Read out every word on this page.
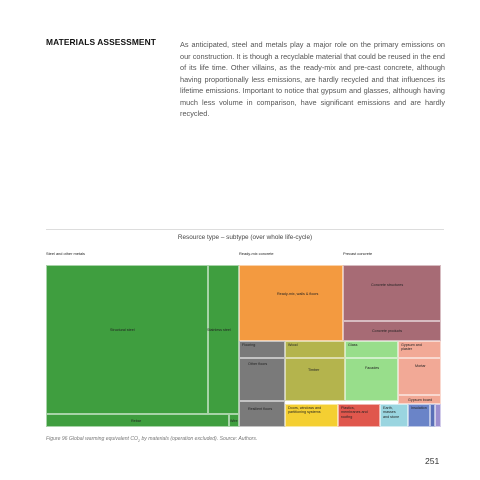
MATERIALS ASSESSMENT	As anticipated, steel and metals play a major role on the primary emissions on our construction. It is though a recyclable material that could be reused in the end of its life time. Other villains, as the ready-mix and pre-cast concrete, although having proportionally less emissions, are hardly recycled and that influences its lifetime emissions. Important to notice that gypsum and glasses, although having much less volume in comparison, have significant emissions and are hardly recycled.
Resource type – subtype (over whole life-cycle)
Steel and other metals	Ready-mix concrete	Precast concrete
Structural steel	Stainless steel
Rebar	Wire
Ready-mix, walls & floors
Concrete structures
Concrete products
Flooring
Other floors
Resilient floors
Wood
Timber
Glass
Facades
Gypsum and
plaster
Mortar
Gypsum board
Doors, windows and
partitioning systems
Plastics,
membranes and
roofing
Earth,
masses
and stone
Insulation
Figure 96 Global warming equivalent $CO_2$ by materials (operation excluded). Source: Authors.
251
